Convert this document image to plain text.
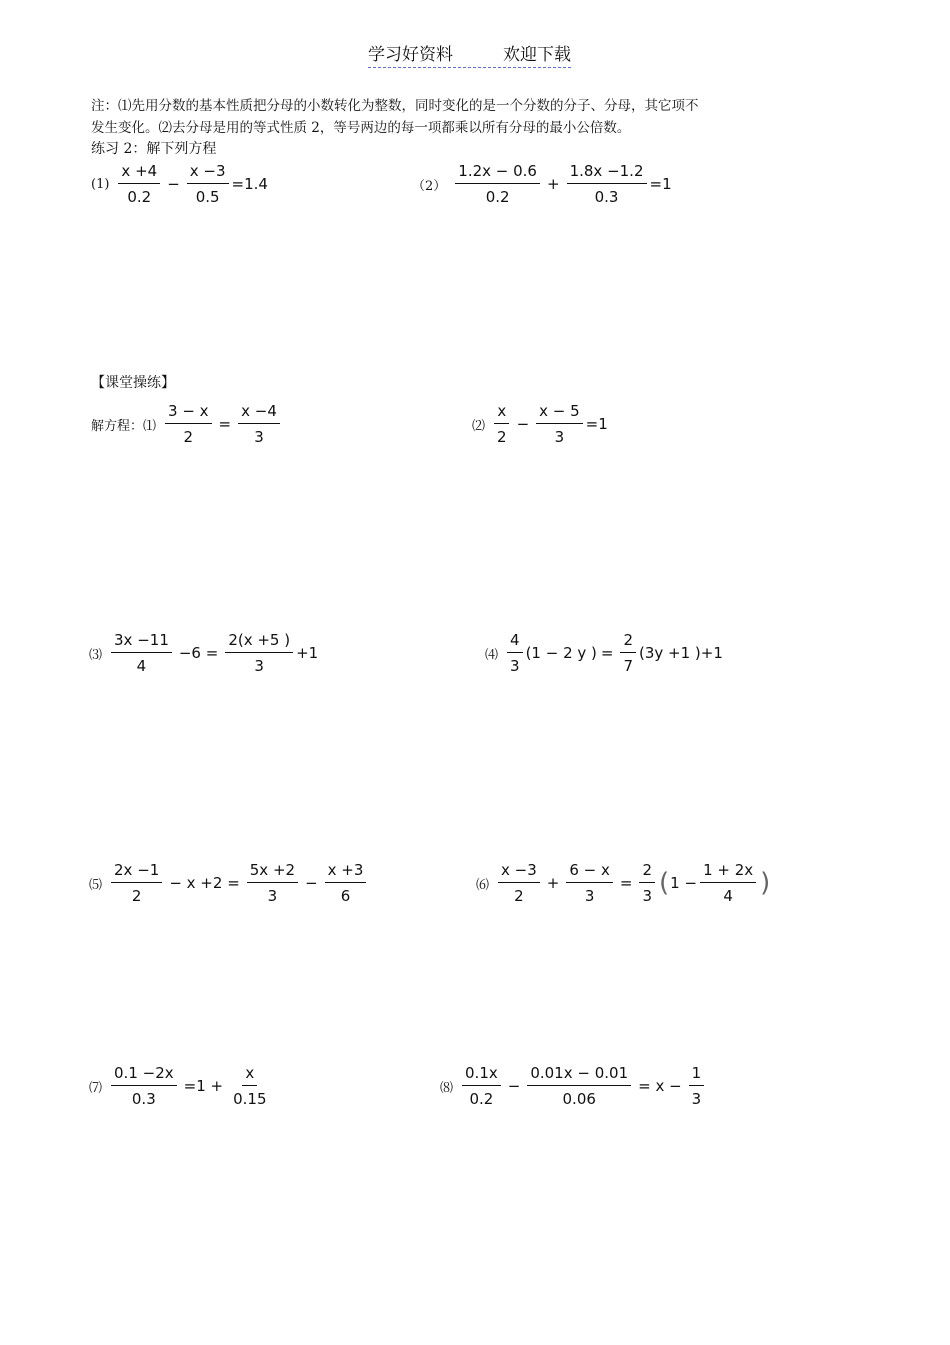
学习好资料	欢迎下载
注：⑴先用分数的基本性质把分母的小数转化为整数，同时变化的是一个分数的分子、分母，其它项不
发生变化。⑵去分母是用的等式性质 2，等号两边的每一项都乘以所有分母的最小公倍数。
练习 2：解下列方程
$(1) \frac{x +4}{0.2} - \frac{x -3}{0.5} =1.4$	$(2) \frac{1.2x - 0.6}{0.2} + \frac{1.8x -1.2}{0.3} =1$
【课堂操练】
解方程：⑴ $\frac{3 - x}{2} = \frac{x -4}{3}$	⑵ $\frac{x}{2} - \frac{x - 5}{3} =1$
⑶ $\frac{3x -11}{4} -6 = \frac{2(x +5 )}{3} +1$	⑷ $\frac{4}{3} (1 - 2$ y ) = $\frac{2}{7} (3y +1$ ) +1
⑸ $\frac{2x -1}{2} - x +2 = \frac{5x +2}{3} - \frac{x +3}{6}$	⑹ $\frac{x -3}{2} + \frac{6 - x}{3} = \frac{2}{3}$ ( $1 - \frac{1 + 2x}{4}$ )
⑺ $\frac{0.1 -2x}{0.3} =1 + \frac{x}{0.15}$	⑻ $\frac{0.1x}{0.2} - \frac{0.01x - 0.01}{0.06} = x - \frac{1}{3}$
